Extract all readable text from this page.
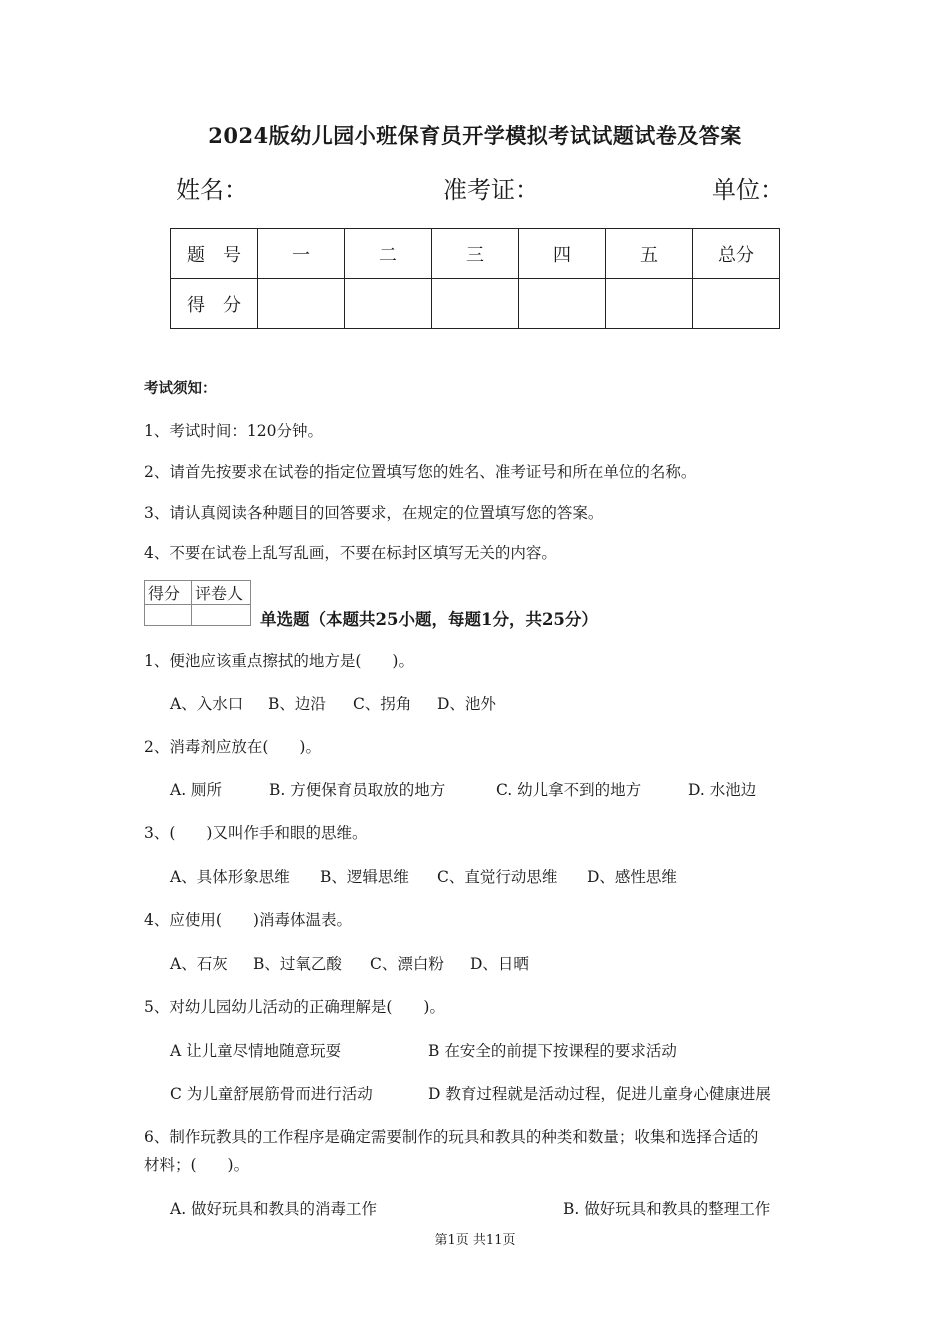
2024版幼儿园小班保育员开学模拟考试试题试卷及答案
姓名：	准考证：	单位：
题　号	一	二	三	四	五	总分
得　分						
考试须知：
1、考试时间：120分钟。
2、请首先按要求在试卷的指定位置填写您的姓名、准考证号和所在单位的名称。
3、请认真阅读各种题目的回答要求，在规定的位置填写您的答案。
4、不要在试卷上乱写乱画，不要在标封区填写无关的内容。
得分	评卷人

单选题（本题共25小题，每题1分，共25分）
1、便池应该重点擦拭的地方是(　　)。
A、入水口 B、边沿 C、拐角 D、池外
2、消毒剂应放在(　　)。
A. 厕所	B. 方便保育员取放的地方	C. 幼儿拿不到的地方	D. 水池边
3、(　　)又叫作手和眼的思维。
A、具体形象思维 B、逻辑思维 C、直觉行动思维 D、感性思维
4、应使用(　　)消毒体温表。
A、石灰 B、过氧乙酸 C、漂白粉 D、日晒
5、对幼儿园幼儿活动的正确理解是(　　)。
A 让儿童尽情地随意玩耍	B 在安全的前提下按课程的要求活动
C 为儿童舒展筋骨而进行活动	D 教育过程就是活动过程，促进儿童身心健康进展
6、制作玩教具的工作程序是确定需要制作的玩具和教具的种类和数量；收集和选择合适的
材料；(　　)。
A. 做好玩具和教具的消毒工作	B. 做好玩具和教具的整理工作
第1页 共11页
